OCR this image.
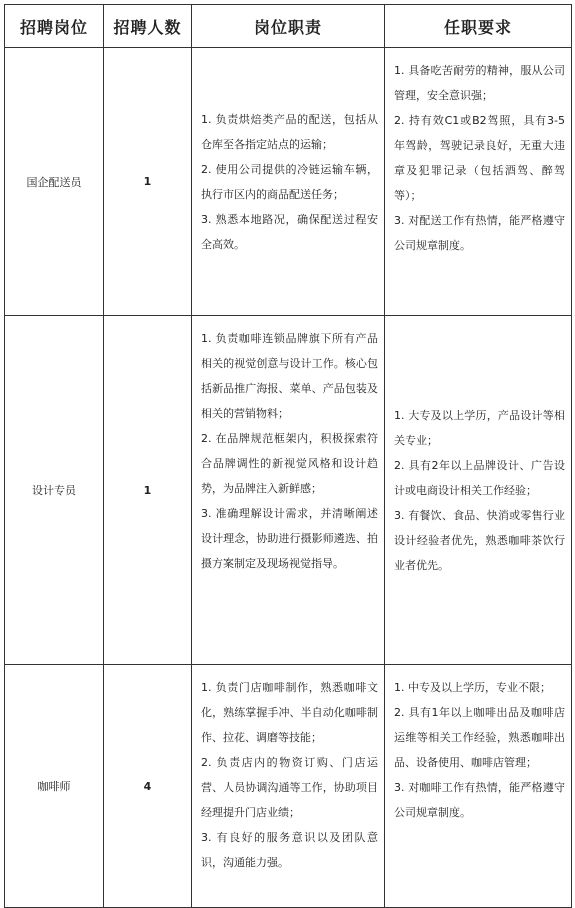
招聘岗位	招聘人数	岗位职责	任职要求
国企配送员	1	1. 负责烘焙类产品的配送，包括从仓库至各指定站点的运输；
2. 使用公司提供的冷链运输车辆，执行市区内的商品配送任务；
3. 熟悉本地路况，确保配送过程安全高效。	1. 具备吃苦耐劳的精神，服从公司管理，安全意识强；
2. 持有效C1或B2驾照，具有3-5年驾龄，驾驶记录良好，无重大违章及犯罪记录（包括酒驾、醉驾等）；
3. 对配送工作有热情，能严格遵守公司规章制度。

设计专员	1	1. 负责咖啡连锁品牌旗下所有产品相关的视觉创意与设计工作。核心包括新品推广海报、菜单、产品包装及相关的营销物料；
2. 在品牌规范框架内，积极探索符合品牌调性的新视觉风格和设计趋势，为品牌注入新鲜感；
3. 准确理解设计需求，并清晰阐述设计理念，协助进行摄影师遴选、拍摄方案制定及现场视觉指导。	1. 大专及以上学历，产品设计等相关专业；
2. 具有2年以上品牌设计、广告设计或电商设计相关工作经验；
3. 有餐饮、食品、快消或零售行业设计经验者优先，熟悉咖啡茶饮行业者优先。

咖啡师	4	1. 负责门店咖啡制作，熟悉咖啡文化，熟练掌握手冲、半自动化咖啡制作、拉花、调磨等技能；
2. 负责店内的物资订购、门店运营、人员协调沟通等工作，协助项目经理提升门店业绩；
3. 有良好的服务意识以及团队意识，沟通能力强。	1. 中专及以上学历，专业不限；
2. 具有1年以上咖啡出品及咖啡店运维等相关工作经验，熟悉咖啡出品、设备使用、咖啡店管理；
3. 对咖啡工作有热情，能严格遵守公司规章制度。
